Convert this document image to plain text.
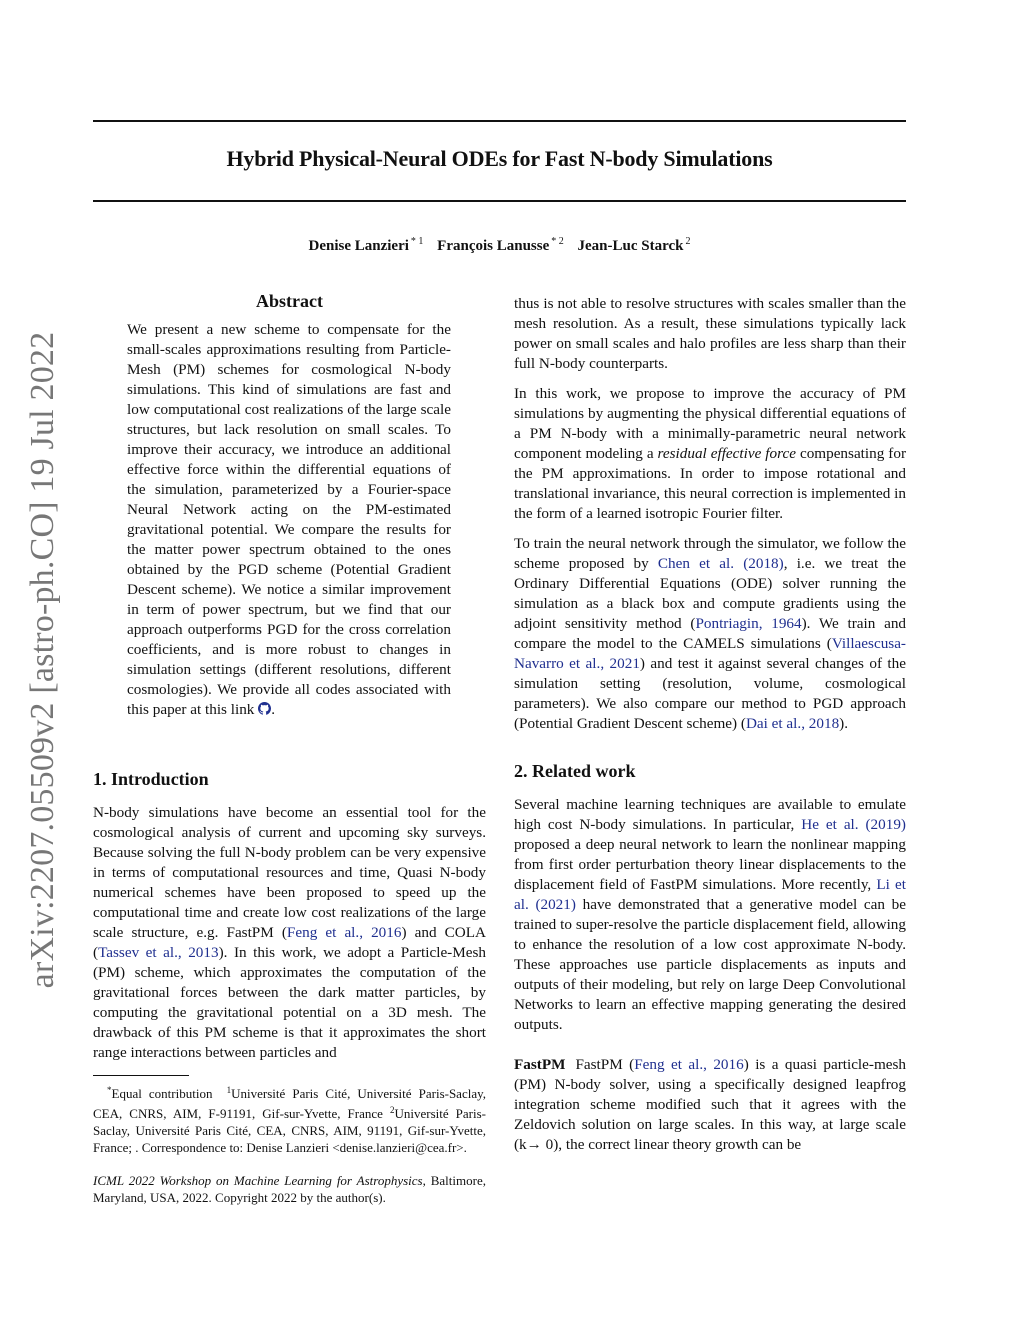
Hybrid Physical-Neural ODEs for Fast N-body Simulations
Denise Lanzieri $^{* 1}$ François Lanusse $^{* 2}$ Jean-Luc Starck $^2$
arXiv:2207.05509v2 [astro-ph.CO] 19 Jul 2022
Abstract
We present a new scheme to compensate for the small-scales approximations resulting from Particle-Mesh (PM) schemes for cosmological N-body simulations. This kind of simulations are fast and low computational cost realizations of the large scale structures, but lack resolution on small scales. To improve their accuracy, we introduce an additional effective force within the differential equations of the simulation, parameterized by a Fourier-space Neural Network acting on the PM-estimated gravitational potential. We compare the results for the matter power spectrum obtained to the ones obtained by the PGD scheme (Potential Gradient Descent scheme). We notice a similar improvement in term of power spectrum, but we find that our approach outperforms PGD for the cross correlation coefficients, and is more robust to changes in simulation settings (different resolutions, different cosmologies). We provide all codes associated with this paper at this link .
1. Introduction

N-body simulations have become an essential tool for the cosmological analysis of current and upcoming sky surveys. Because solving the full N-body problem can be very expensive in terms of computational resources and time, Quasi N-body numerical schemes have been proposed to speed up the computational time and create low cost realizations of the large scale structure, e.g. FastPM (Feng et al., 2016) and COLA (Tassev et al., 2013). In this work, we adopt a Particle-Mesh (PM) scheme, which approximates the computation of the gravitational forces between the dark matter particles, by computing the gravitational potential on a 3D mesh. The drawback of this PM scheme is that it approximates the short range interactions between particles and

*Equal contribution $^1$Université Paris Cité, Université Paris-Saclay, CEA, CNRS, AIM, F-91191, Gif-sur-Yvette, France $^2$Université Paris-Saclay, Université Paris Cité, CEA, CNRS, AIM, 91191, Gif-sur-Yvette, France; . Correspondence to: Denise Lanzieri <denise.lanzieri@cea.fr>.
ICML 2022 Workshop on Machine Learning for Astrophysics, Baltimore, Maryland, USA, 2022. Copyright 2022 by the author(s).

thus is not able to resolve structures with scales smaller than the mesh resolution. As a result, these simulations typically lack power on small scales and halo profiles are less sharp than their full N-body counterparts.

In this work, we propose to improve the accuracy of PM simulations by augmenting the physical differential equations of a PM N-body with a minimally-parametric neural network component modeling a residual effective force compensating for the PM approximations. In order to impose rotational and translational invariance, this neural correction is implemented in the form of a learned isotropic Fourier filter.

To train the neural network through the simulator, we follow the scheme proposed by Chen et al. (2018), i.e. we treat the Ordinary Differential Equations (ODE) solver running the simulation as a black box and compute gradients using the adjoint sensitivity method (Pontriagin, 1964). We train and compare the model to the CAMELS simulations (Villaescusa-Navarro et al., 2021) and test it against several changes of the simulation setting (resolution, volume, cosmological parameters). We also compare our method to PGD approach (Potential Gradient Descent scheme) (Dai et al., 2018).

2. Related work

Several machine learning techniques are available to emulate high cost N-body simulations. In particular, He et al. (2019) proposed a deep neural network to learn the nonlinear mapping from first order perturbation theory linear displacements to the displacement field of FastPM simulations. More recently, Li et al. (2021) have demonstrated that a generative model can be trained to super-resolve the particle displacement field, allowing to enhance the resolution of a low cost approximate N-body. These approaches use particle displacements as inputs and outputs of their modeling, but rely on large Deep Convolutional Networks to learn an effective mapping generating the desired outputs.

FastPM FastPM (Feng et al., 2016) is a quasi particle-mesh (PM) N-body solver, using a specifically designed leapfrog integration scheme modified such that it agrees with the Zeldovich solution on large scales. In this way, at large scale (k→ 0), the correct linear theory growth can be
